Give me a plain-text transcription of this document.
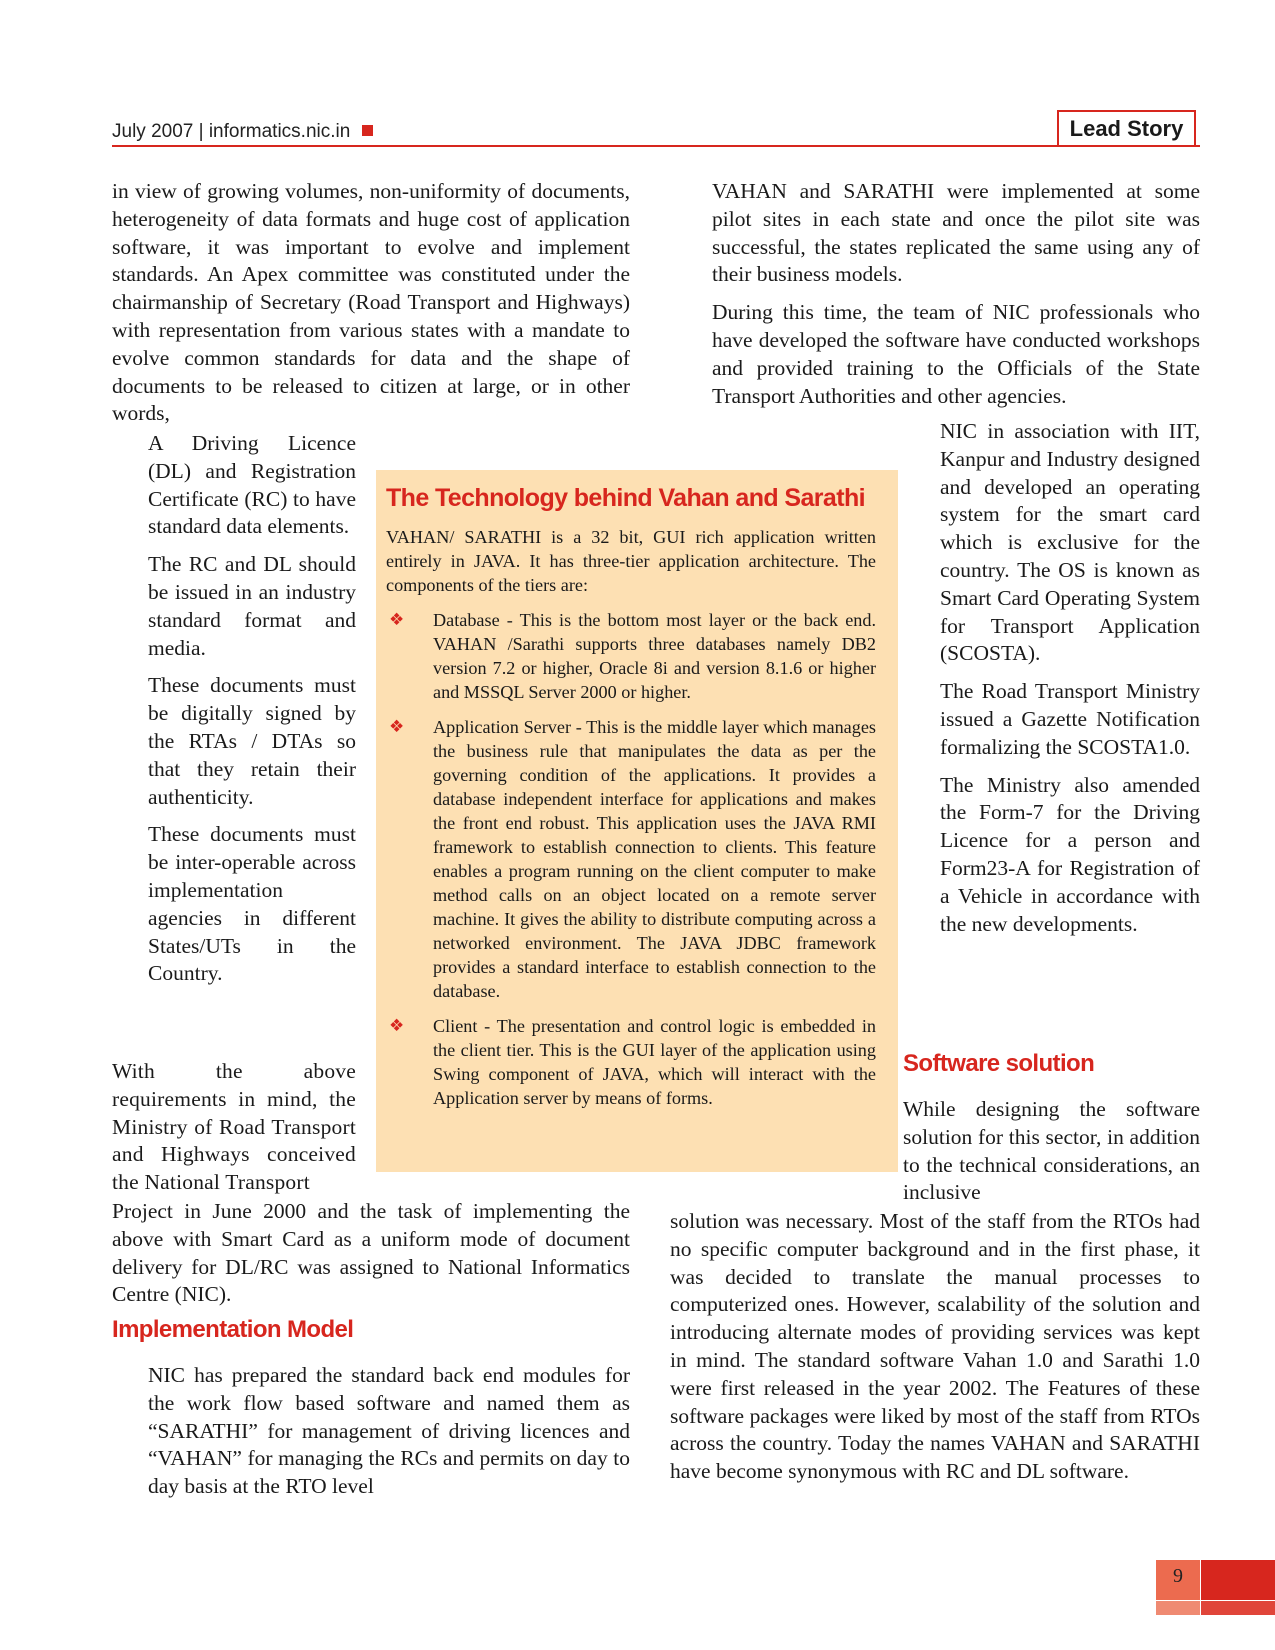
July 2007 | informatics.nic.in	Lead Story

in view of growing volumes, non-uniformity of documents, heterogeneity of data formats and huge cost of application software, it was important to evolve and implement standards. An Apex committee was constituted under the chairmanship of Secretary (Road Transport and Highways) with representation from various states with a mandate to evolve common standards for data and the shape of documents to be released to citizen at large, or in other words,

A Driving Licence (DL) and Registration Certificate (RC) to have standard data elements.

The RC and DL should be issued in an industry standard format and media.

These documents must be digitally signed by the RTAs / DTAs so that they retain their authenticity.

These documents must be inter-operable across implementation agencies in different States/UTs in the Country.

With the above requirements in mind, the Ministry of Road Transport and Highways conceived the National Transport

Project in June 2000 and the task of implementing the above with Smart Card as a uniform mode of document delivery for DL/RC was assigned to National Informatics Centre (NIC).

Implementation Model

NIC has prepared the standard back end modules for the work flow based software and named them as “SARATHI” for management of driving licences and “VAHAN” for managing the RCs and permits on day to day basis at the RTO level

The Technology behind Vahan and Sarathi

VAHAN/ SARATHI is a 32 bit, GUI rich application written entirely in JAVA. It has three-tier application architecture. The components of the tiers are:

❖ Database - This is the bottom most layer or the back end. VAHAN /Sarathi supports three databases namely DB2 version 7.2 or higher, Oracle 8i and version 8.1.6 or higher and MSSQL Server 2000 or higher.

❖ Application Server - This is the middle layer which manages the business rule that manipulates the data as per the governing condition of the applications. It provides a database independent interface for applications and makes the front end robust. This application uses the JAVA RMI framework to establish connection to clients. This feature enables a program running on the client computer to make method calls on an object located on a remote server machine. It gives the ability to distribute computing across a networked environment. The JAVA JDBC framework provides a standard interface to establish connection to the database.

❖ Client - The presentation and control logic is embedded in the client tier. This is the GUI layer of the application using Swing component of JAVA, which will interact with the Application server by means of forms.

VAHAN and SARATHI were implemented at some pilot sites in each state and once the pilot site was successful, the states replicated the same using any of their business models.

During this time, the team of NIC professionals who have developed the software have conducted workshops and provided training to the Officials of the State Transport Authorities and other agencies.

NIC in association with IIT, Kanpur and Industry designed and developed an operating system for the smart card which is exclusive for the country. The OS is known as Smart Card Operating System for Transport Application (SCOSTA).

The Road Transport Ministry issued a Gazette Notification formalizing the SCOSTA1.0.

The Ministry also amended the Form-7 for the Driving Licence for a person and Form23-A for Registration of a Vehicle in accordance with the new developments.

Software solution

While designing the software solution for this sector, in addition to the technical considerations, an inclusive

solution was necessary. Most of the staff from the RTOs had no specific computer background and in the first phase, it was decided to translate the manual processes to computerized ones. However, scalability of the solution and introducing alternate modes of providing services was kept in mind. The standard software Vahan 1.0 and Sarathi 1.0 were first released in the year 2002. The Features of these software packages were liked by most of the staff from RTOs across the country. Today the names VAHAN and SARATHI have become synonymous with RC and DL software.

9
